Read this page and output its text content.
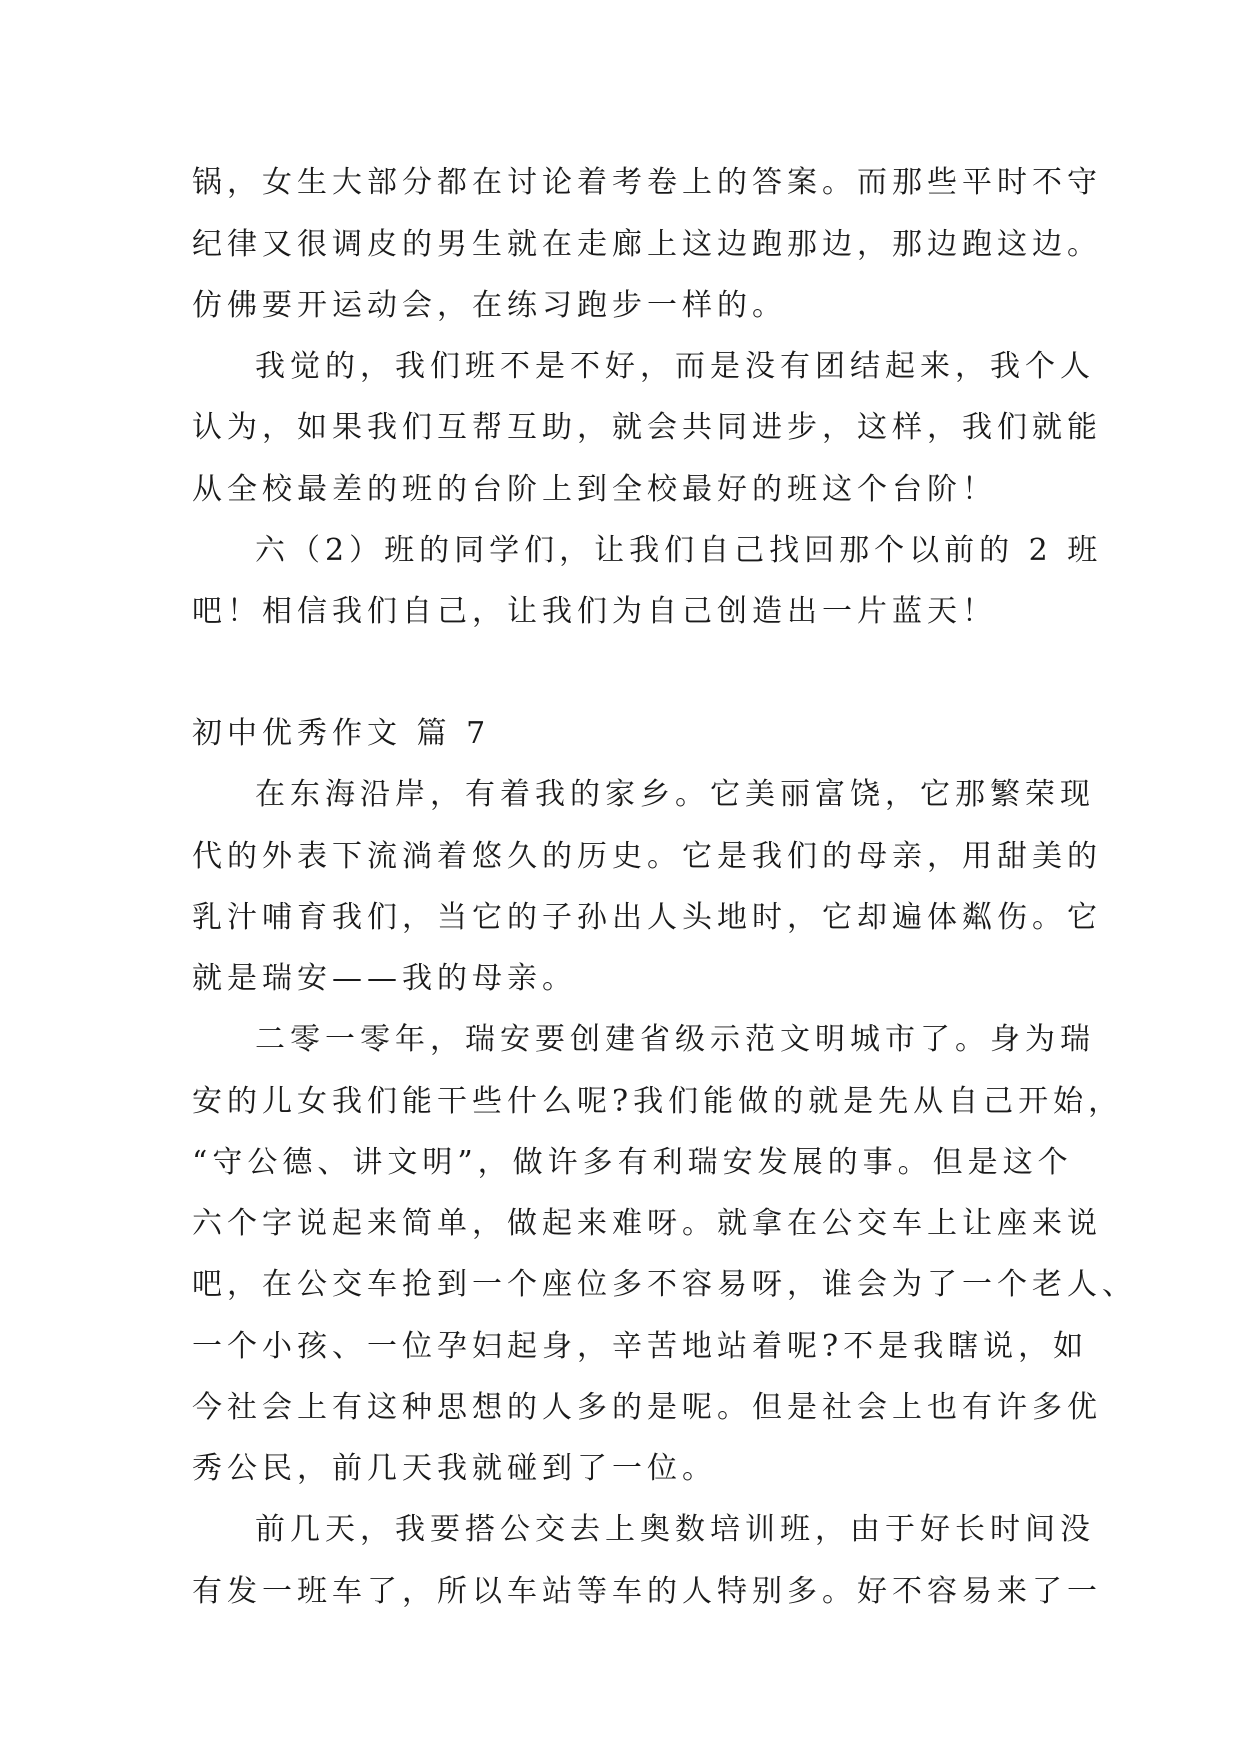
锅，女生大部分都在讨论着考卷上的答案。而那些平时不守
纪律又很调皮的男生就在走廊上这边跑那边，那边跑这边。
仿佛要开运动会，在练习跑步一样的。
我觉的，我们班不是不好，而是没有团结起来，我个人
认为，如果我们互帮互助，就会共同进步，这样，我们就能
从全校最差的班的台阶上到全校最好的班这个台阶！
六（2）班的同学们，让我们自己找回那个以前的 2 班
吧！相信我们自己，让我们为自己创造出一片蓝天！
初中优秀作文 篇 7
在东海沿岸，有着我的家乡。它美丽富饶，它那繁荣现
代的外表下流淌着悠久的历史。它是我们的母亲，用甜美的
乳汁哺育我们，当它的子孙出人头地时，它却遍体粼伤。它
就是瑞安——我的母亲。
二零一零年，瑞安要创建省级示范文明城市了。身为瑞
安的儿女我们能干些什么呢?我们能做的就是先从自己开始，
“守公德、讲文明”，做许多有利瑞安发展的事。但是这个
六个字说起来简单，做起来难呀。就拿在公交车上让座来说
吧，在公交车抢到一个座位多不容易呀，谁会为了一个老人、
一个小孩、一位孕妇起身，辛苦地站着呢?不是我瞎说，如
今社会上有这种思想的人多的是呢。但是社会上也有许多优
秀公民，前几天我就碰到了一位。
前几天，我要搭公交去上奥数培训班，由于好长时间没
有发一班车了，所以车站等车的人特别多。好不容易来了一
